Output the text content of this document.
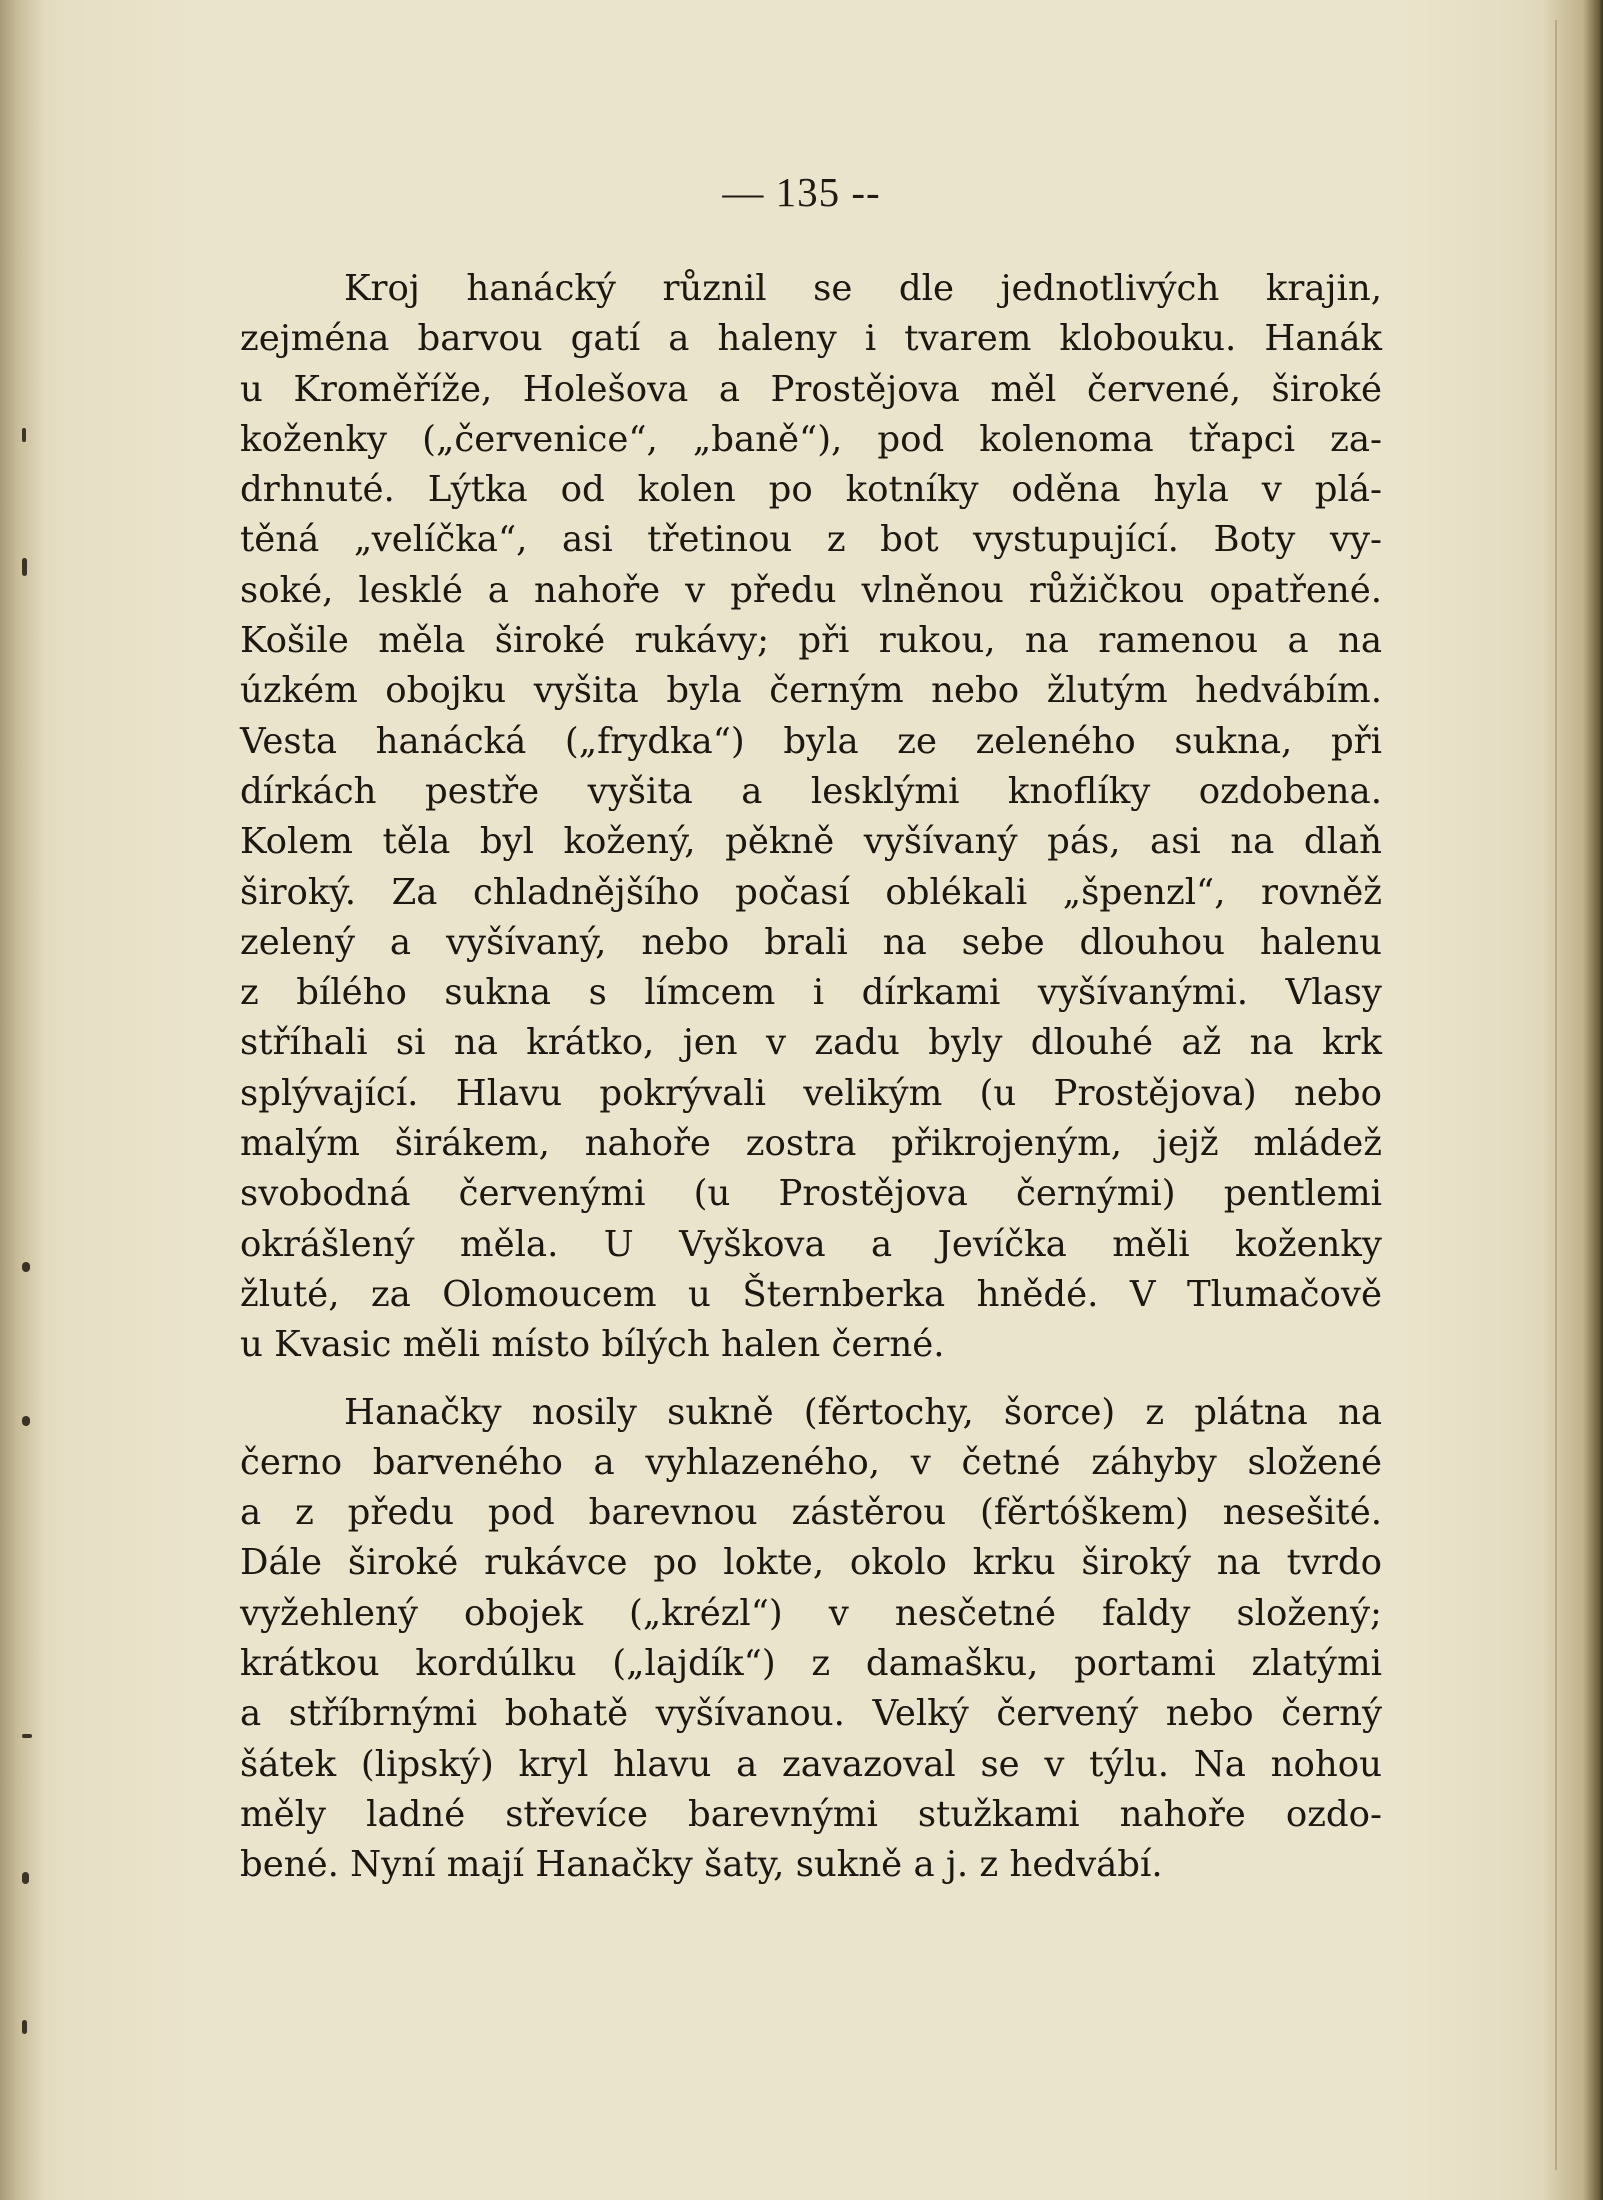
— 135 --

Kroj hanácký různil se dle jednotlivých krajin,
zejména barvou gatí a haleny i tvarem klobouku. Hanák
u Kroměříže, Holešova a Prostějova měl červené, široké
koženky („červenice“, „baně“), pod kolenoma třapci za-
drhnuté. Lýtka od kolen po kotníky oděna hyla v plá-
těná „velíčka“, asi třetinou z bot vystupující. Boty vy-
soké, lesklé a nahoře v předu vlněnou růžičkou opatřené.
Košile měla široké rukávy; při rukou, na ramenou a na
úzkém obojku vyšita byla černým nebo žlutým hedvábím.
Vesta hanácká („frydka“) byla ze zeleného sukna, při
dírkách pestře vyšita a lesklými knoflíky ozdobena.
Kolem těla byl kožený, pěkně vyšívaný pás, asi na dlaň
široký. Za chladnějšího počasí oblékali „špenzl“, rovněž
zelený a vyšívaný, nebo brali na sebe dlouhou halenu
z bílého sukna s límcem i dírkami vyšívanými. Vlasy
stříhali si na krátko, jen v zadu byly dlouhé až na krk
splývající. Hlavu pokrývali velikým (u Prostějova) nebo
malým širákem, nahoře zostra přikrojeným, jejž mládež
svobodná červenými (u Prostějova černými) pentlemi
okrášlený měla. U Vyškova a Jevíčka měli koženky
žluté, za Olomoucem u Šternberka hnědé. V Tlumačově
u Kvasic měli místo bílých halen černé.

Hanačky nosily sukně (fěrtochy, šorce) z plátna na
černo barveného a vyhlazeného, v četné záhyby složené
a z předu pod barevnou zástěrou (fěrtóškem) nesešité.
Dále široké rukávce po lokte, okolo krku široký na tvrdo
vyžehlený obojek („krézl“) v nesčetné faldy složený;
krátkou kordúlku („lajdík“) z damašku, portami zlatými
a stříbrnými bohatě vyšívanou. Velký červený nebo černý
šátek (lipský) kryl hlavu a zavazoval se v týlu. Na nohou
měly ladné střevíce barevnými stužkami nahoře ozdo-
bené. Nyní mají Hanačky šaty, sukně a j. z hedvábí.
